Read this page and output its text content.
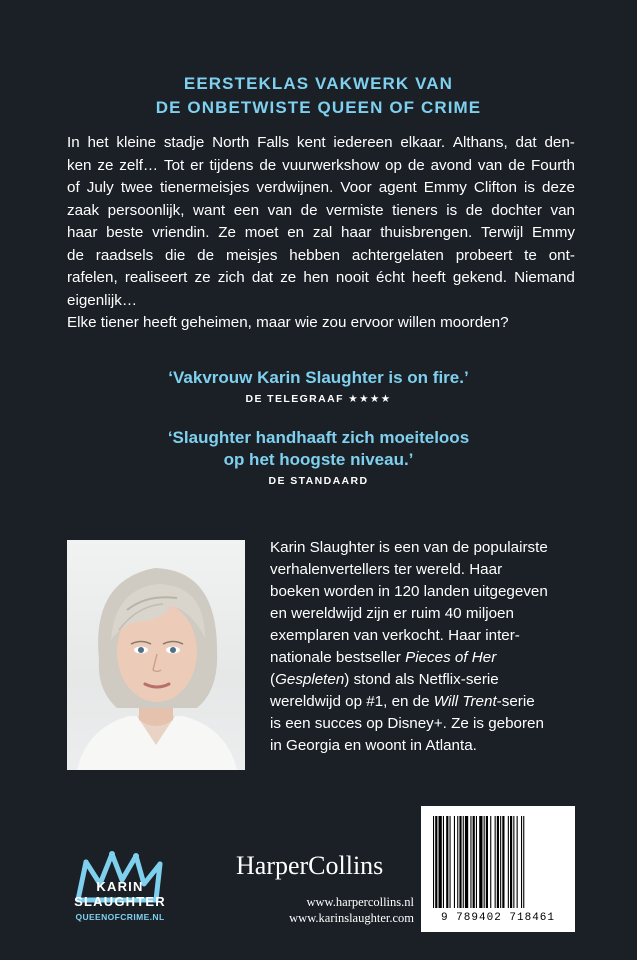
EERSTEKLAS VAKWERK VAN
DE ONBETWISTE QUEEN OF CRIME
In het kleine stadje North Falls kent iedereen elkaar. Althans, dat den-
ken ze zelf… Tot er tijdens de vuurwerkshow op de avond van de Fourth
of July twee tienermeisjes verdwijnen. Voor agent Emmy Clifton is deze
zaak persoonlijk, want een van de vermiste tieners is de dochter van
haar beste vriendin. Ze moet en zal haar thuisbrengen. Terwijl Emmy
de raadsels die de meisjes hebben achtergelaten probeert te ont-
rafelen, realiseert ze zich dat ze hen nooit écht heeft gekend. Niemand
eigenlijk…
Elke tiener heeft geheimen, maar wie zou ervoor willen moorden?
‘Vakvrouw Karin Slaughter is on fire.’
DE TELEGRAAF ★★★★
‘Slaughter handhaaft zich moeiteloos
op het hoogste niveau.’
DE STANDAARD
Karin Slaughter is een van de populairste
verhalenvertellers ter wereld. Haar
boeken worden in 120 landen uitgegeven
en wereldwijd zijn er ruim 40 miljoen
exemplaren van verkocht. Haar inter-
nationale bestseller Pieces of Her
(Gespleten) stond als Netflix-serie
wereldwijd op #1, en de Will Trent-serie
is een succes op Disney+. Ze is geboren
in Georgia en woont in Atlanta.
KARIN
SLAUGHTER
QUEENOFCRIME.NL
HarperCollins
www.harpercollins.nl
www.karinslaughter.com	9 789402 718461
